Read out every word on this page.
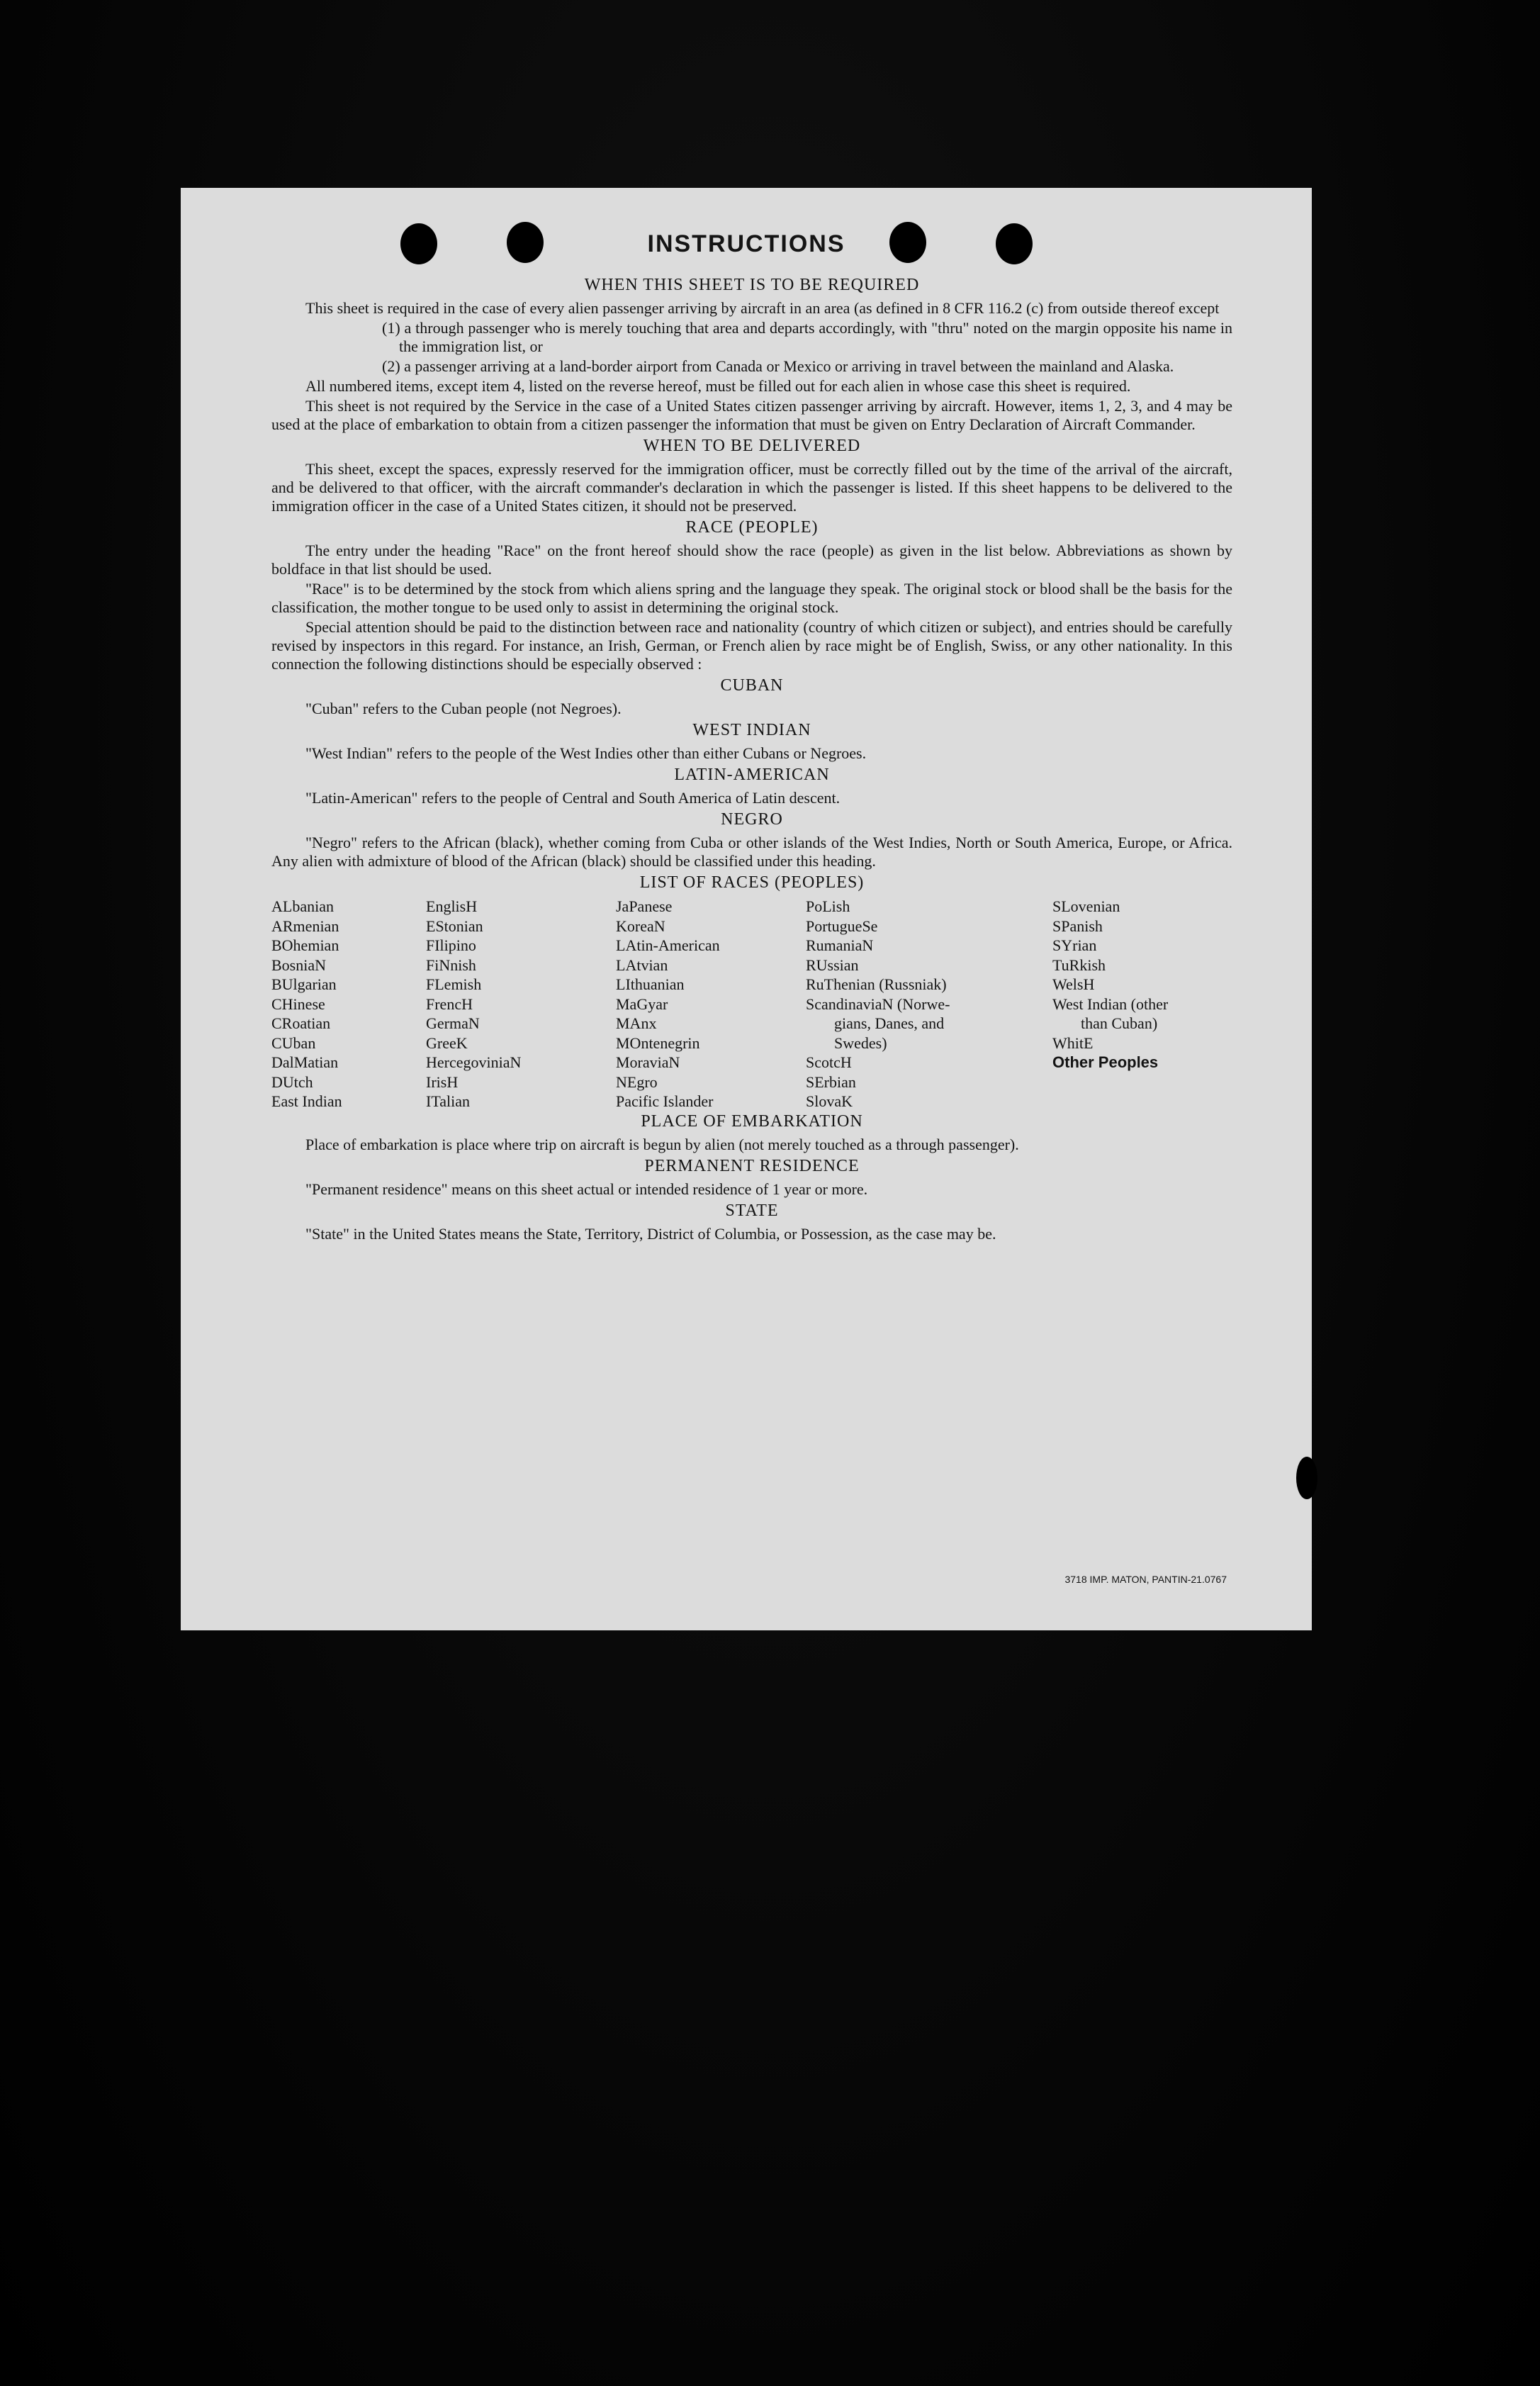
INSTRUCTIONS
WHEN THIS SHEET IS TO BE REQUIRED
This sheet is required in the case of every alien passenger arriving by aircraft in an area (as defined in 8 CFR 116.2 (c) from outside thereof except
(1) a through passenger who is merely touching that area and departs accordingly, with "thru" noted on the margin opposite his name in the immigration list, or
(2) a passenger arriving at a land-border airport from Canada or Mexico or arriving in travel between the mainland and Alaska.
All numbered items, except item 4, listed on the reverse hereof, must be filled out for each alien in whose case this sheet is required.
This sheet is not required by the Service in the case of a United States citizen passenger arriving by aircraft. However, items 1, 2, 3, and 4 may be used at the place of embarkation to obtain from a citizen passenger the information that must be given on Entry Declaration of Aircraft Commander.
WHEN TO BE DELIVERED
This sheet, except the spaces, expressly reserved for the immigration officer, must be correctly filled out by the time of the arrival of the aircraft, and be delivered to that officer, with the aircraft commander's declaration in which the passenger is listed. If this sheet happens to be delivered to the immigration officer in the case of a United States citizen, it should not be preserved.
RACE (PEOPLE)
The entry under the heading "Race" on the front hereof should show the race (people) as given in the list below. Abbreviations as shown by boldface in that list should be used.
"Race" is to be determined by the stock from which aliens spring and the language they speak. The original stock or blood shall be the basis for the classification, the mother tongue to be used only to assist in determining the original stock.
Special attention should be paid to the distinction between race and nationality (country of which citizen or subject), and entries should be carefully revised by inspectors in this regard. For instance, an Irish, German, or French alien by race might be of English, Swiss, or any other nationality. In this connection the following distinctions should be especially observed :
CUBAN
"Cuban" refers to the Cuban people (not Negroes).
WEST INDIAN
"West Indian" refers to the people of the West Indies other than either Cubans or Negroes.
LATIN-AMERICAN
"Latin-American" refers to the people of Central and South America of Latin descent.
NEGRO
"Negro" refers to the African (black), whether coming from Cuba or other islands of the West Indies, North or South America, Europe, or Africa. Any alien with admixture of blood of the African (black) should be classified under this heading.
LIST OF RACES (PEOPLES)
ALbanian
ARmenian
BOhemian
BosniaN
BUlgarian
CHinese
CRoatian
CUban
DalMatian
DUtch
East Indian
EnglisH
EStonian
FIlipino
FiNnish
FLemish
FrencH
GermaN
GreeK
HercegoviniaN
IrisH
ITalian
JaPanese
KoreaN
LAtin-American
LAtvian
LIthuanian
MaGyar
MAnx
MOntenegrin
MoraviaN
NEgro
Pacific Islander
PoLish
PortugueSe
RumaniaN
RUssian
RuThenian (Russniak)
ScandinaviaN (Norwe-
gians, Danes, and
Swedes)
ScotcH
SErbian
SlovaK
SLovenian
SPanish
SYrian
TuRkish
WelsH
West Indian (other
than Cuban)
WhitE
Other Peoples
PLACE OF EMBARKATION
Place of embarkation is place where trip on aircraft is begun by alien (not merely touched as a through passenger).
PERMANENT RESIDENCE
"Permanent residence" means on this sheet actual or intended residence of 1 year or more.
STATE
"State" in the United States means the State, Territory, District of Columbia, or Possession, as the case may be.
3718 IMP. MATON, PANTIN-21.0767
